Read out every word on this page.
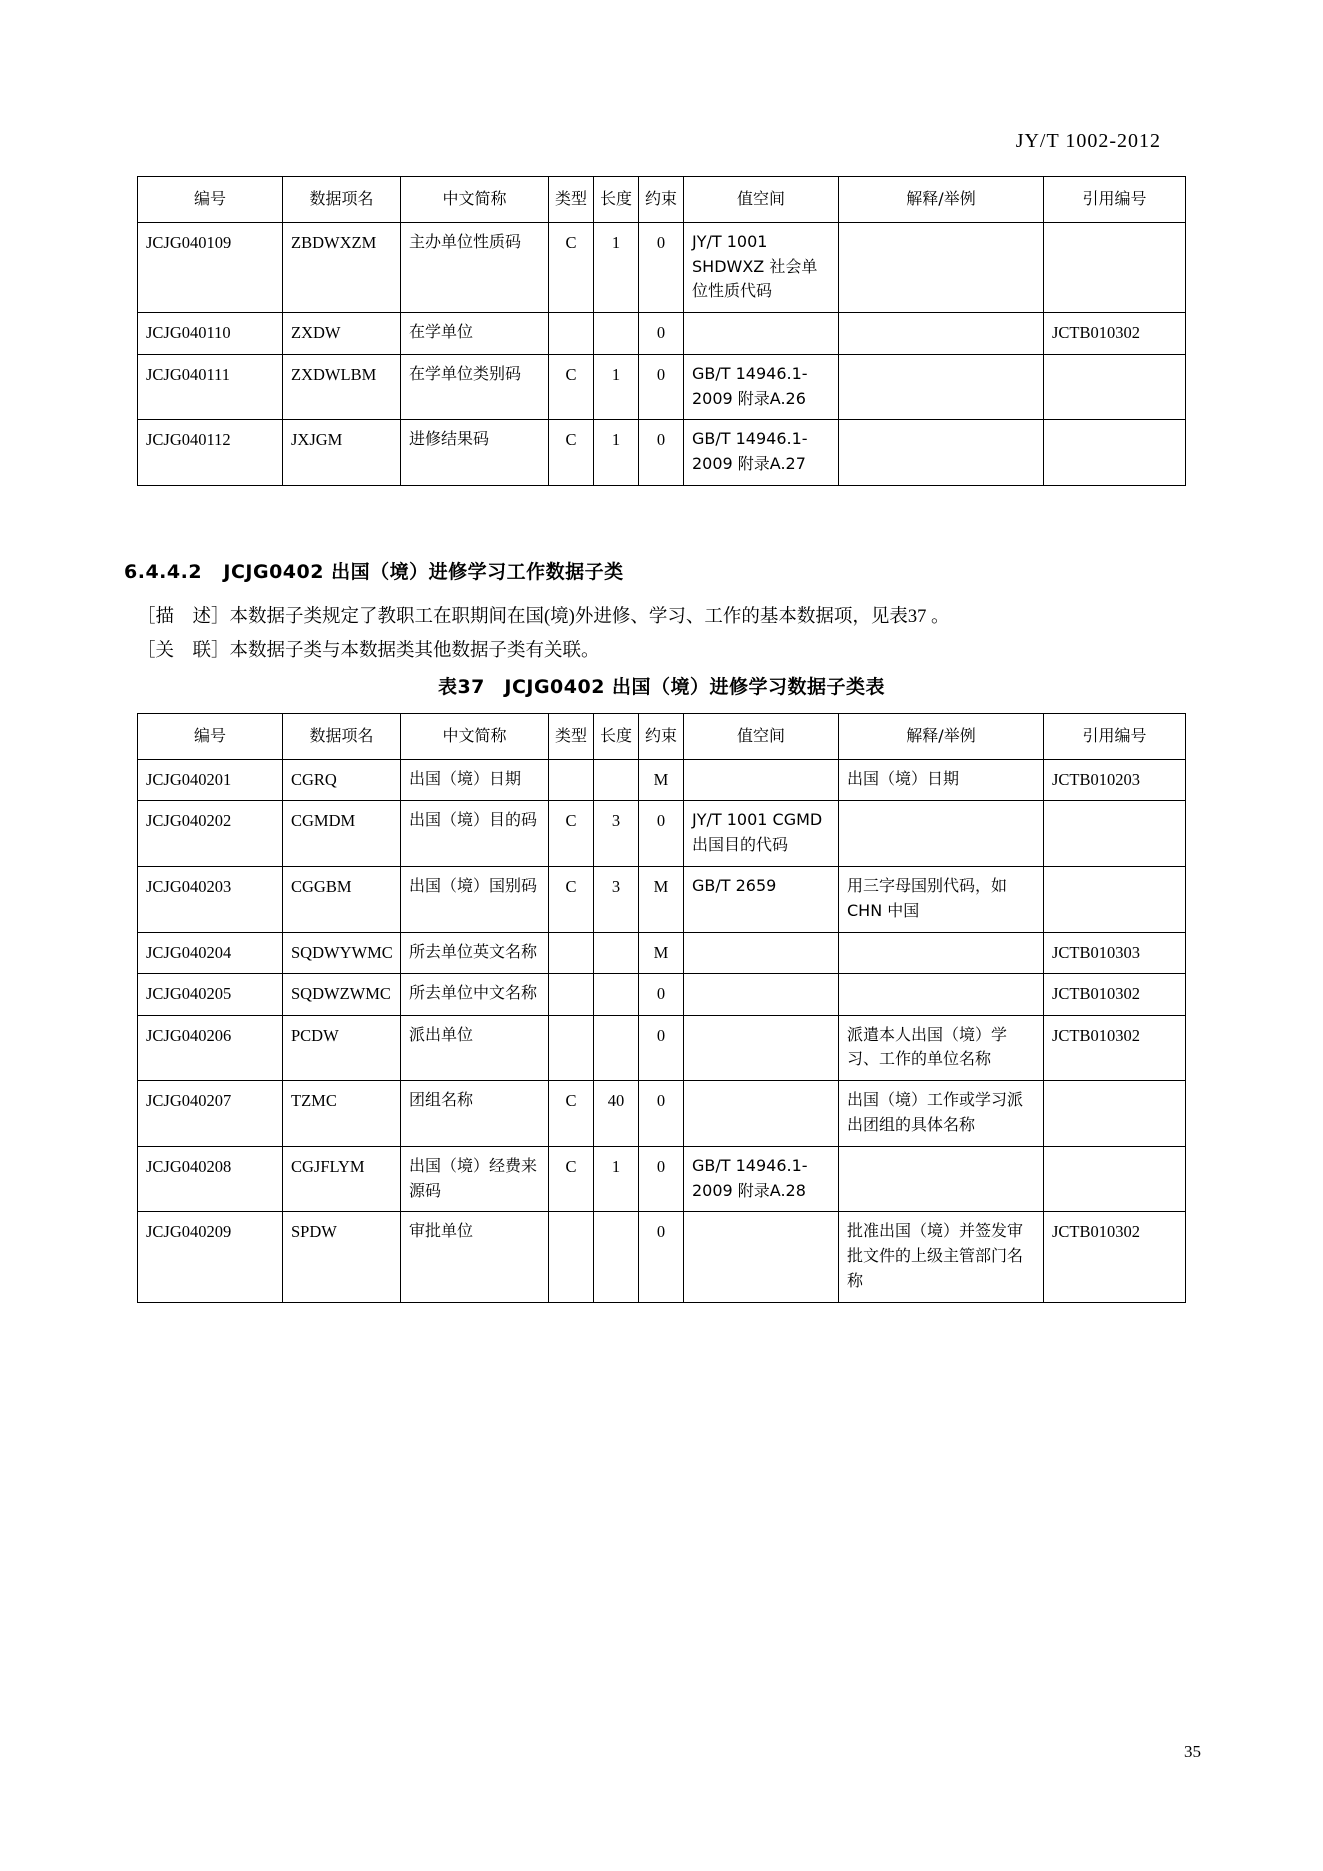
JY/T 1002-2012
编号	数据项名	中文简称	类型	长度	约束	值空间	解释/举例	引用编号
JCJG040109	ZBDWXZM	主办单位性质码	C	1	0	JY/T 1001 SHDWXZ 社会单位性质代码		
JCJG040110	ZXDW	在学单位			0			JCTB010302
JCJG040111	ZXDWLBM	在学单位类别码	C	1	0	GB/T 14946.1-2009 附录A.26		
JCJG040112	JXJGM	进修结果码	C	1	0	GB/T 14946.1-2009 附录A.27		
6.4.4.2 JCJG0402 出国（境）进修学习工作数据子类
［描　述］本数据子类规定了教职工在职期间在国(境)外进修、学习、工作的基本数据项，见表37 。
［关　联］本数据子类与本数据类其他数据子类有关联。
表37　JCJG0402 出国（境）进修学习数据子类表
编号	数据项名	中文简称	类型	长度	约束	值空间	解释/举例	引用编号
JCJG040201	CGRQ	出国（境）日期			M		出国（境）日期	JCTB010203
JCJG040202	CGMDM	出国（境）目的码	C	3	0	JY/T 1001 CGMD 出国目的代码		
JCJG040203	CGGBM	出国（境）国别码	C	3	M	GB/T 2659	用三字母国别代码，如CHN 中国	
JCJG040204	SQDWYWMC	所去单位英文名称			M			JCTB010303
JCJG040205	SQDWZWMC	所去单位中文名称			0			JCTB010302
JCJG040206	PCDW	派出单位			0		派遣本人出国（境）学习、工作的单位名称	JCTB010302
JCJG040207	TZMC	团组名称	C	40	0		出国（境）工作或学习派出团组的具体名称	
JCJG040208	CGJFLYM	出国（境）经费来源码	C	1	0	GB/T 14946.1-2009 附录A.28		
JCJG040209	SPDW	审批单位			0		批准出国（境）并签发审批文件的上级主管部门名称	JCTB010302
35
